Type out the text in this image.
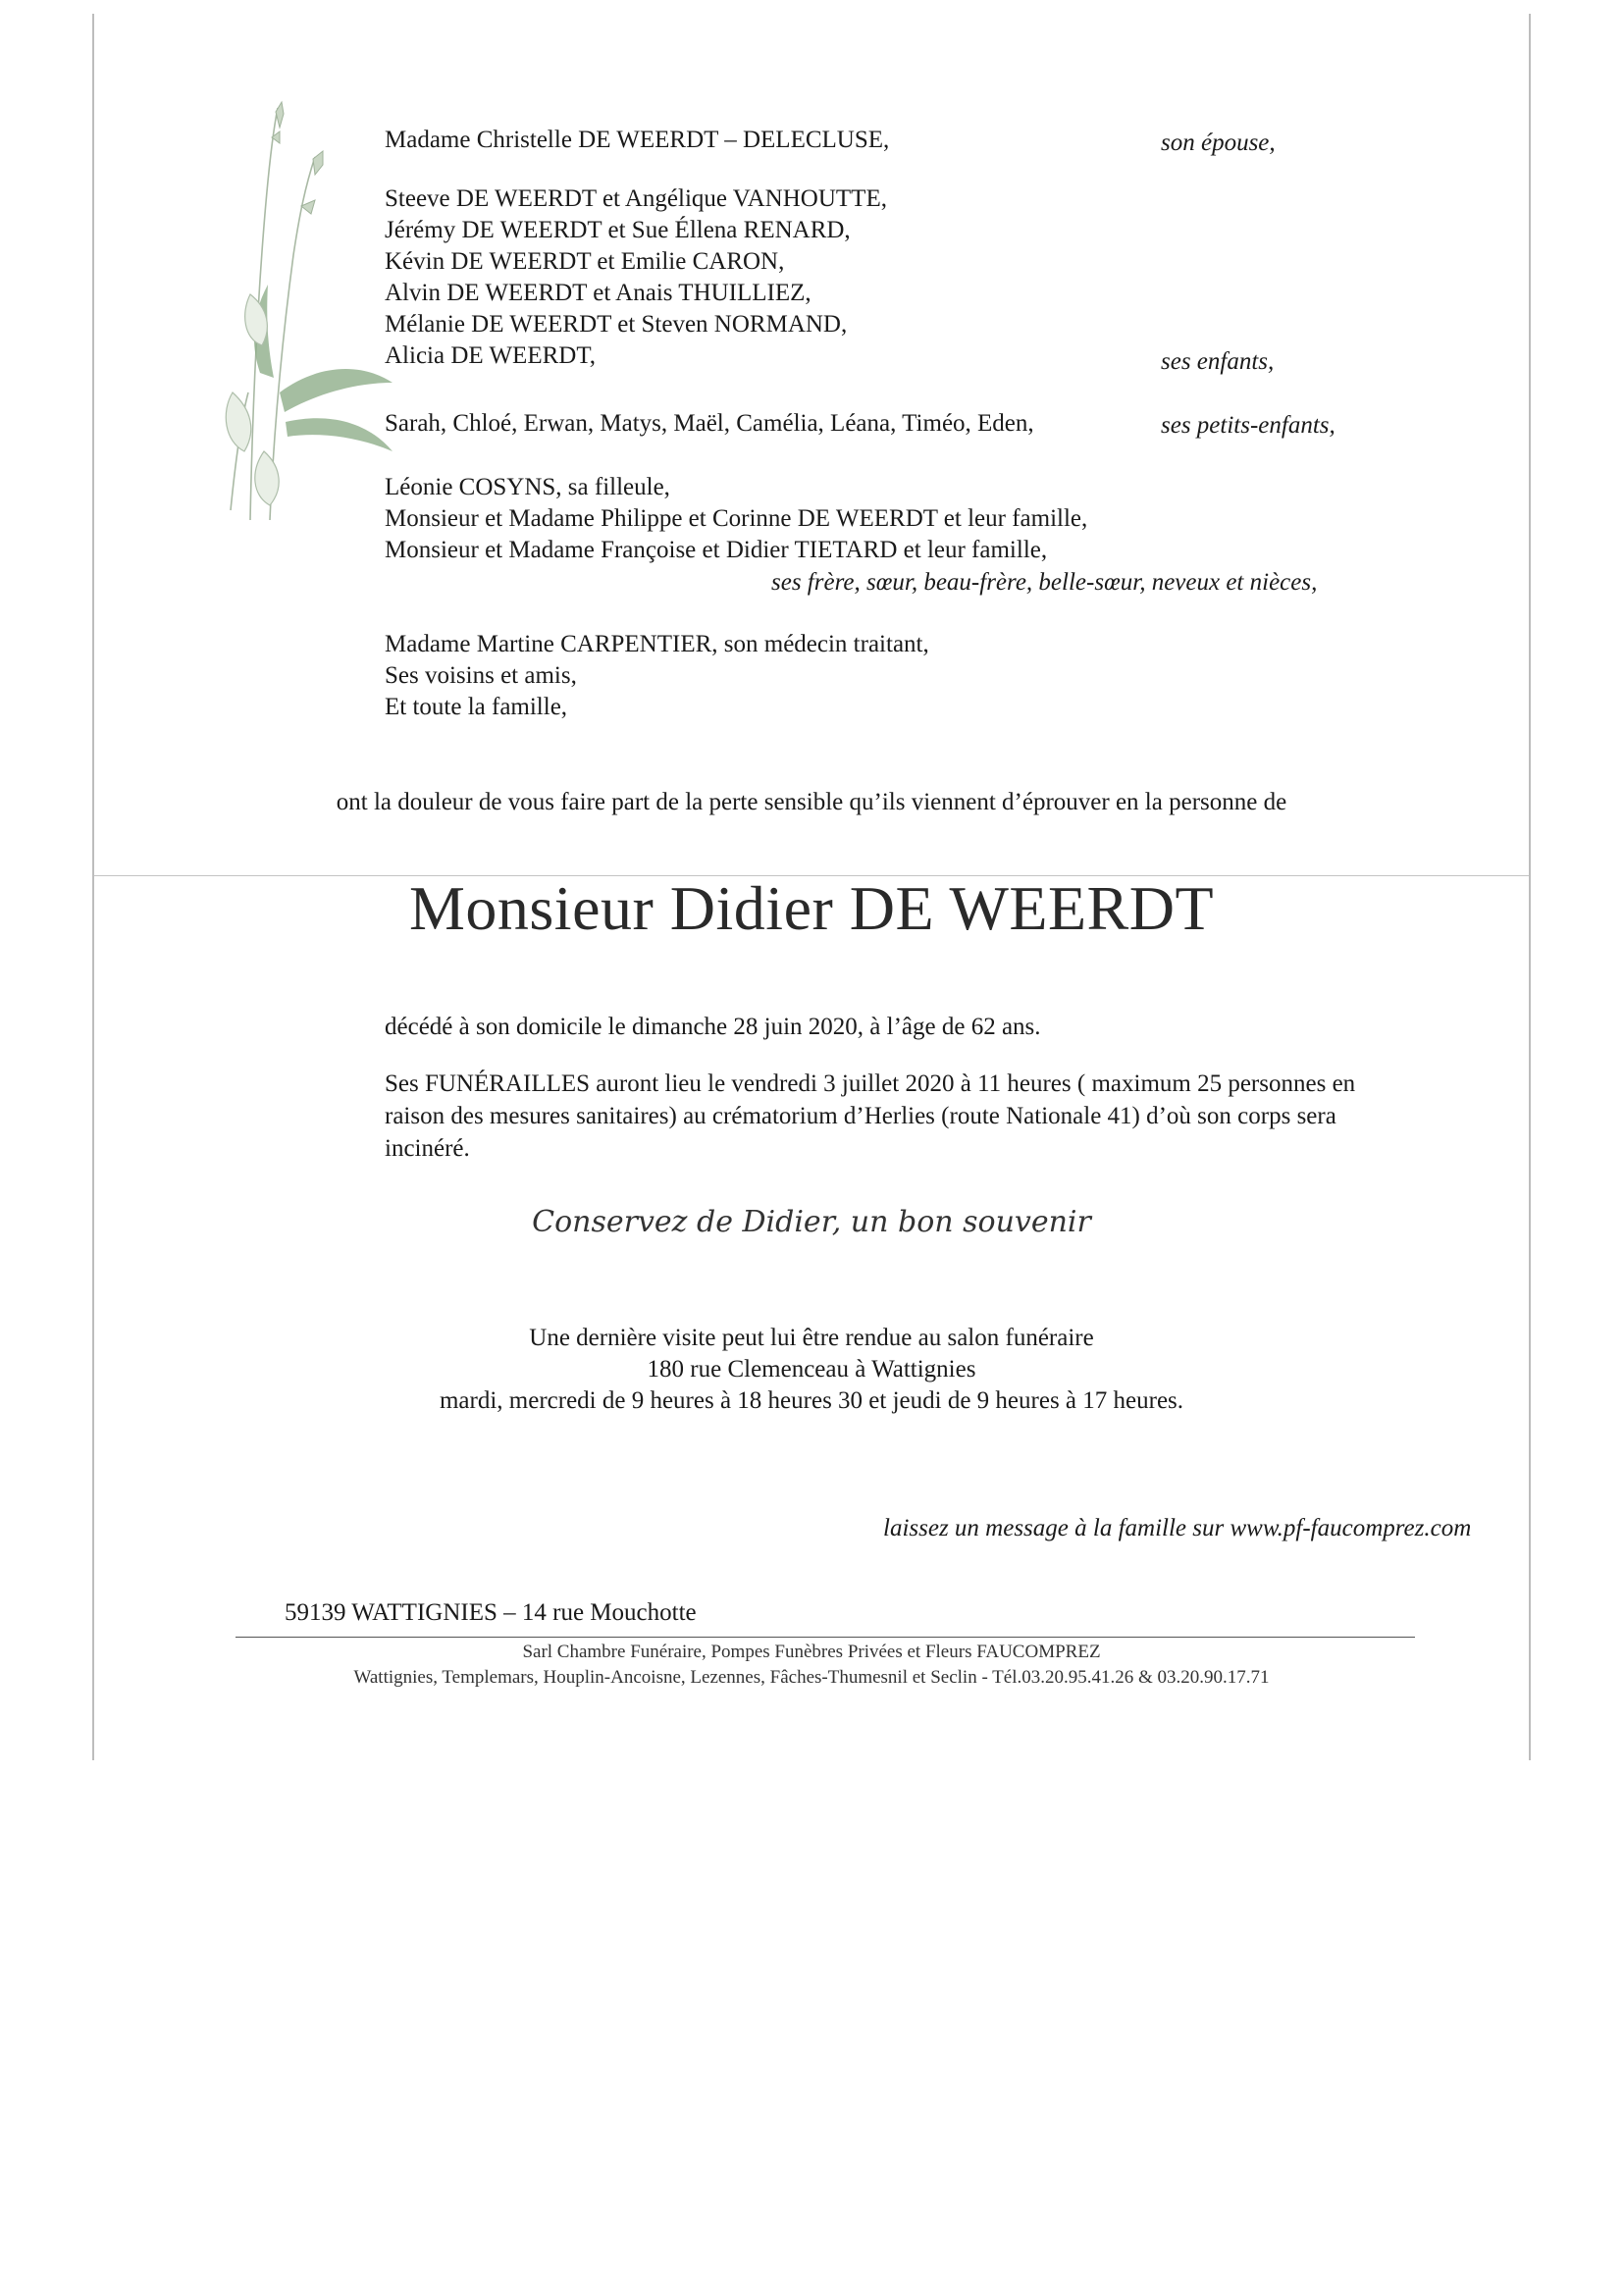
Madame Christelle DE WEERDT – DELECLUSE,	son épouse,
Steeve DE WEERDT et Angélique VANHOUTTE,
Jérémy DE WEERDT et Sue Éllena RENARD,
Kévin DE WEERDT et Emilie CARON,
Alvin DE WEERDT et Anais THUILLIEZ,
Mélanie DE WEERDT et Steven NORMAND,
Alicia DE WEERDT,	ses enfants,
Sarah, Chloé, Erwan, Matys, Maël, Camélia, Léana, Timéo, Eden,	ses petits-enfants,
Léonie COSYNS, sa filleule,
Monsieur et Madame Philippe et Corinne DE WEERDT et leur famille,
Monsieur et Madame Françoise et Didier TIETARD et leur famille,
ses frère, sœur, beau-frère, belle-sœur, neveux et nièces,
Madame Martine CARPENTIER, son médecin traitant,
Ses voisins et amis,
Et toute la famille,
ont la douleur de vous faire part de la perte sensible qu’ils viennent d’éprouver en la personne de
Monsieur Didier DE WEERDT
décédé à son domicile le dimanche 28 juin 2020, à l’âge de 62 ans.
Ses FUNÉRAILLES auront lieu le vendredi 3 juillet 2020 à 11 heures ( maximum 25 personnes en
raison des mesures sanitaires) au crématorium d’Herlies (route Nationale 41) d’où son corps sera
incinéré.
Conservez de Didier, un bon souvenir
Une dernière visite peut lui être rendue au salon funéraire
180 rue Clemenceau à Wattignies
mardi, mercredi de 9 heures à 18 heures 30 et jeudi de 9 heures à 17 heures.
laissez un message à la famille sur www.pf-faucomprez.com
59139 WATTIGNIES – 14 rue Mouchotte
Sarl Chambre Funéraire, Pompes Funèbres Privées et Fleurs FAUCOMPREZ
Wattignies, Templemars, Houplin-Ancoisne, Lezennes, Fâches-Thumesnil et Seclin - Tél.03.20.95.41.26 & 03.20.90.17.71
